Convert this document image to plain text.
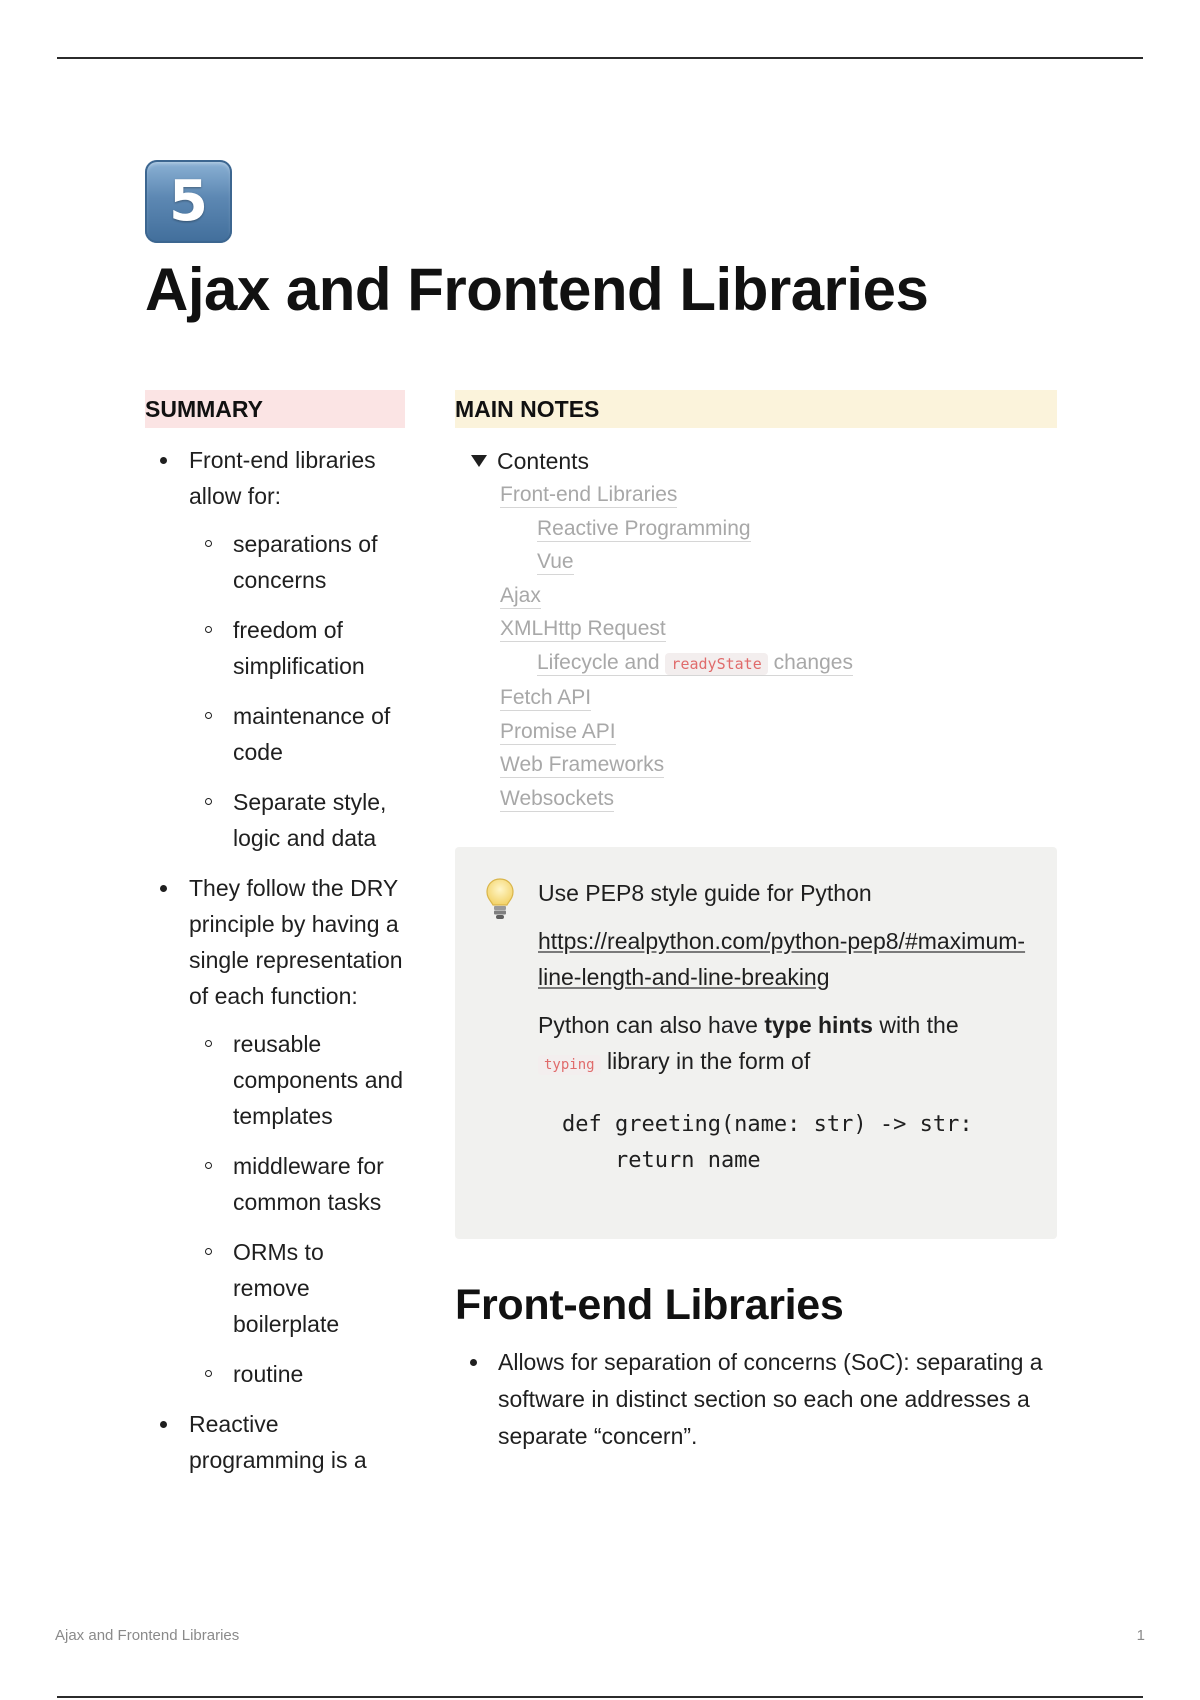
5
Ajax and Frontend Libraries
SUMMARY
Front-end libraries allow for:
separations of concerns
freedom of simplification
maintenance of code
Separate style, logic and data
They follow the DRY principle by having a single representation of each function:
reusable components and templates
middleware for common tasks
ORMs to remove boilerplate
routine
Reactive programming is a
MAIN NOTES
Contents
Front-end Libraries
Reactive Programming
Vue
Ajax
XMLHttp Request
Lifecycle and readyState changes
Fetch API
Promise API
Web Frameworks
Websockets

Use PEP8 style guide for Python

https://realpython.com/python-pep8/#maximum-line-length-and-line-breaking

Python can also have type hints with the
typing library in the form of

def greeting(name: str) -> str:
return name
Front-end Libraries
Allows for separation of concerns (SoC): separating a software in distinct section so each one addresses a separate “concern”.
Ajax and Frontend Libraries	1
